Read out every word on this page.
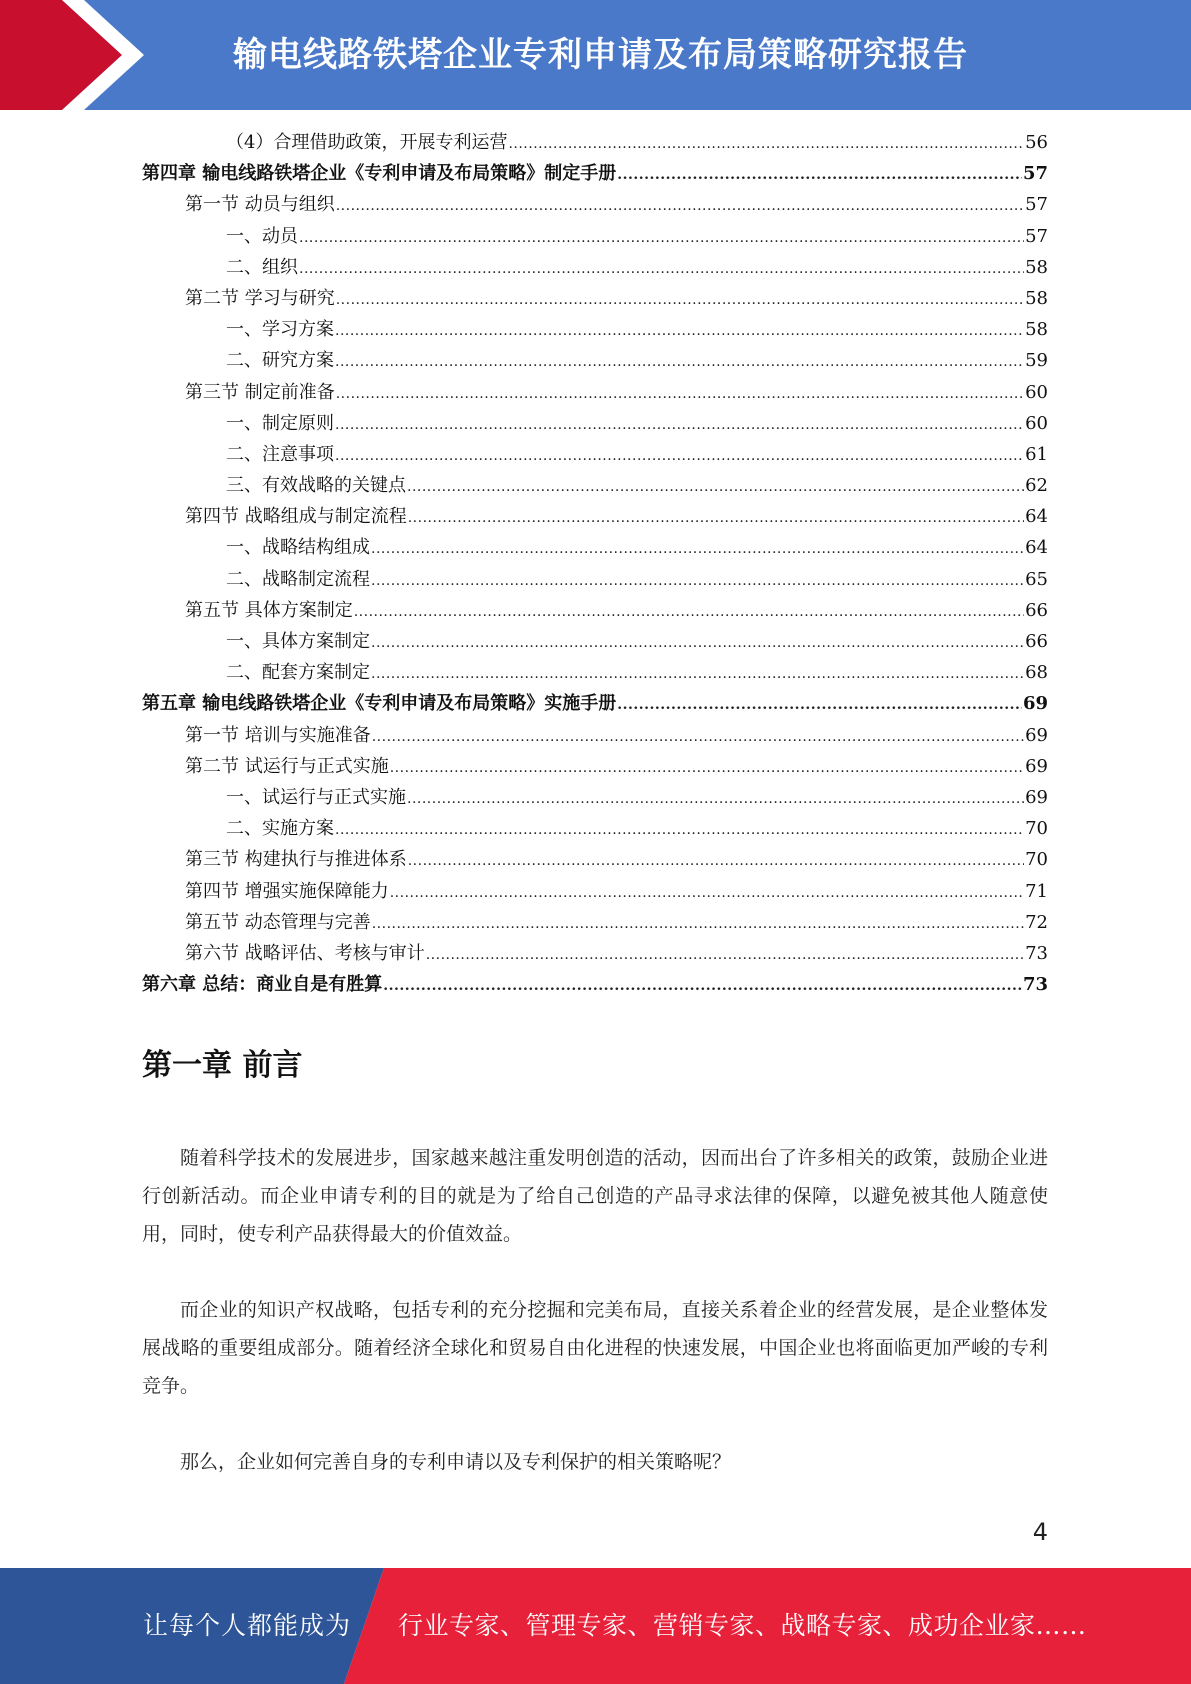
输电线路铁塔企业专利申请及布局策略研究报告
（4）合理借助政策，开展专利运营 .....	56
第四章 输电线路铁塔企业《专利申请及布局策略》制定手册 .....	57
第一节 动员与组织 .....	57
一、动员 .....	57
二、组织 .....	58
第二节 学习与研究 .....	58
一、学习方案 .....	58
二、研究方案 .....	59
第三节 制定前准备 .....	60
一、制定原则 .....	60
二、注意事项 .....	61
三、有效战略的关键点 .....	62
第四节 战略组成与制定流程 .....	64
一、战略结构组成 .....	64
二、战略制定流程 .....	65
第五节 具体方案制定 .....	66
一、具体方案制定 .....	66
二、配套方案制定 .....	68
第五章 输电线路铁塔企业《专利申请及布局策略》实施手册 .....	69
第一节 培训与实施准备 .....	69
第二节 试运行与正式实施 .....	69
一、试运行与正式实施 .....	69
二、实施方案 .....	70
第三节 构建执行与推进体系 .....	70
第四节 增强实施保障能力 .....	71
第五节 动态管理与完善 .....	72
第六节 战略评估、考核与审计 .....	73
第六章 总结：商业自是有胜算 .....	73
第一章 前言

随着科学技术的发展进步，国家越来越注重发明创造的活动，因而出台了许多相关的政策，鼓励企业进行创新活动。而企业申请专利的目的就是为了给自己创造的产品寻求法律的保障，以避免被其他人随意使用，同时，使专利产品获得最大的价值效益。

而企业的知识产权战略，包括专利的充分挖掘和完美布局，直接关系着企业的经营发展，是企业整体发展战略的重要组成部分。随着经济全球化和贸易自由化进程的快速发展，中国企业也将面临更加严峻的专利竞争。

那么，企业如何完善自身的专利申请以及专利保护的相关策略呢？

4
让每个人都能成为 行业专家、管理专家、营销专家、战略专家、成功企业家……
